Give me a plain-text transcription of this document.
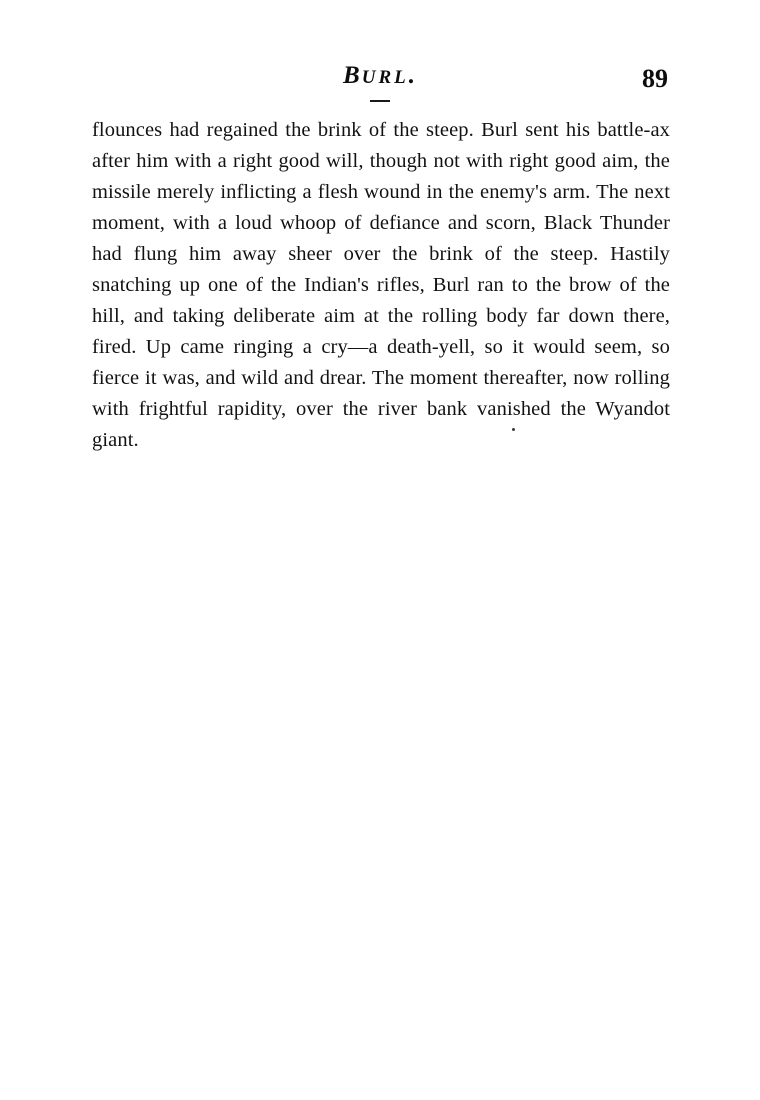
BURL.	89

flounces had regained the brink of the steep. Burl sent his battle-ax after him with a right good will, though not with right good aim, the missile merely inflicting a flesh wound in the enemy's arm. The next moment, with a loud whoop of defiance and scorn, Black Thunder had flung him away sheer over the brink of the steep. Hastily snatching up one of the Indian's rifles, Burl ran to the brow of the hill, and taking deliberate aim at the rolling body far down there, fired. Up came ringing a cry—a death-yell, so it would seem, so fierce it was, and wild and drear. The moment thereafter, now rolling with frightful rapidity, over the river bank vanished the Wyandot giant.
